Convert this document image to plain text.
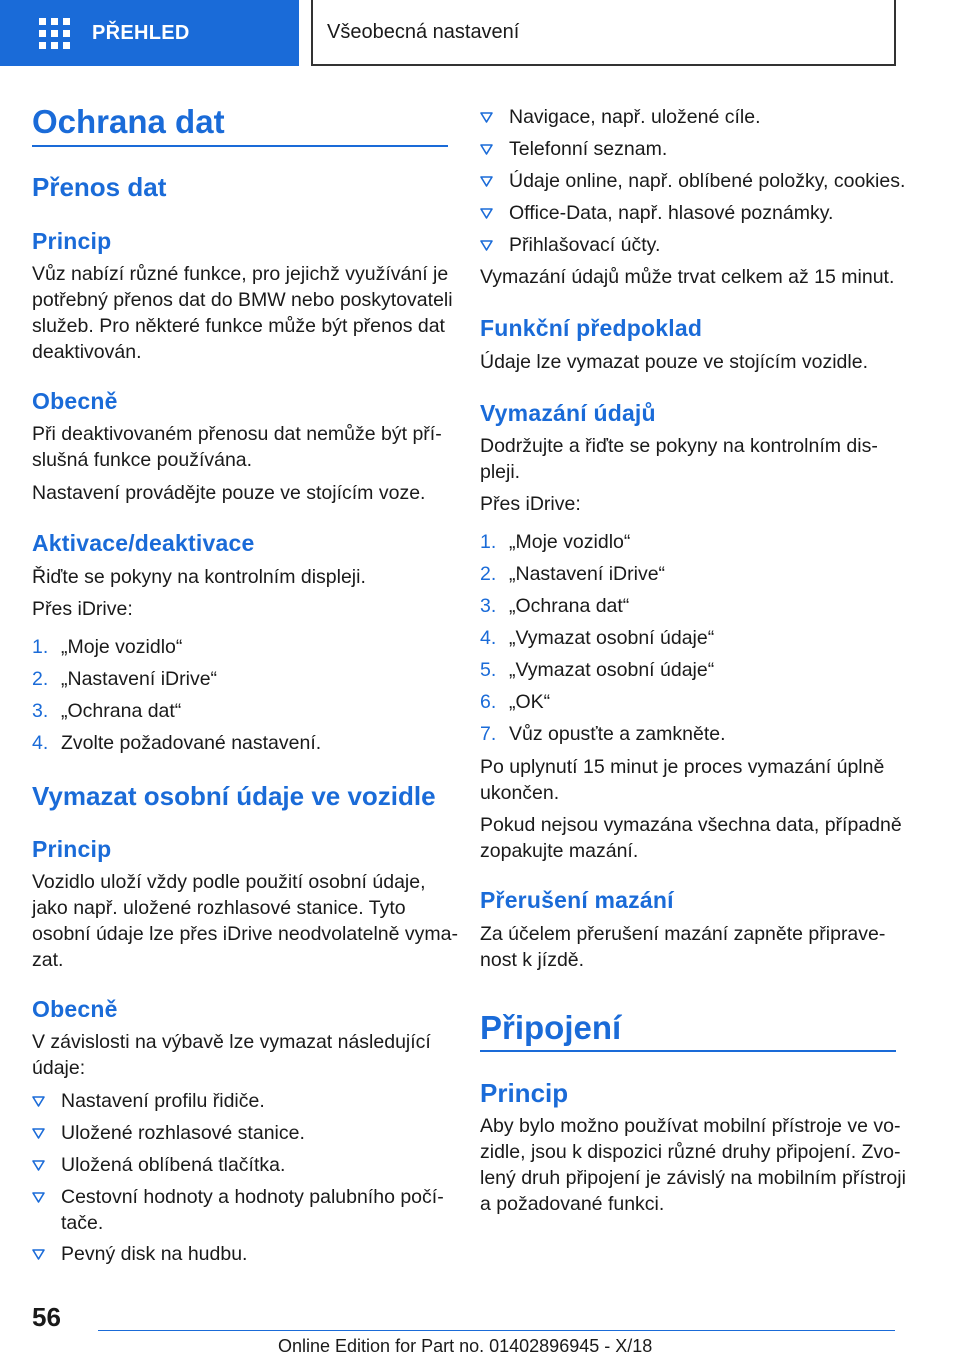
PŘEHLED	Všeobecná nastavení
Ochrana dat
Přenos dat
Princip
Vůz nabízí různé funkce, pro jejichž využívání je
potřebný přenos dat do BMW nebo poskytovateli
služeb. Pro některé funkce může být přenos dat
deaktivován.
Obecně
Při deaktivovaném přenosu dat nemůže být pří‐
slušná funkce používána.
Nastavení provádějte pouze ve stojícím voze.
Aktivace/deaktivace
Řiďte se pokyny na kontrolním displeji.
Přes iDrive:
1. „Moje vozidlo“
2. „Nastavení iDrive“
3. „Ochrana dat“
4. Zvolte požadované nastavení.
Vymazat osobní údaje ve vozidle
Princip
Vozidlo uloží vždy podle použití osobní údaje,
jako např. uložené rozhlasové stanice. Tyto
osobní údaje lze přes iDrive neodvolatelně vyma‐
zat.
Obecně
V závislosti na výbavě lze vymazat následující
údaje:
Nastavení profilu řidiče.
Uložené rozhlasové stanice.
Uložená oblíbená tlačítka.
Cestovní hodnoty a hodnoty palubního počí‐
tače.
Pevný disk na hudbu.
Navigace, např. uložené cíle.
Telefonní seznam.
Údaje online, např. oblíbené položky, cookies.
Office-Data, např. hlasové poznámky.
Přihlašovací účty.
Vymazání údajů může trvat celkem až 15 minut.
Funkční předpoklad
Údaje lze vymazat pouze ve stojícím vozidle.
Vymazání údajů
Dodržujte a řiďte se pokyny na kontrolním dis‐
pleji.
Přes iDrive:
1. „Moje vozidlo“
2. „Nastavení iDrive“
3. „Ochrana dat“
4. „Vymazat osobní údaje“
5. „Vymazat osobní údaje“
6. „OK“
7. Vůz opusťte a zamkněte.
Po uplynutí 15 minut je proces vymazání úplně
ukončen.
Pokud nejsou vymazána všechna data, případně
zopakujte mazání.
Přerušení mazání
Za účelem přerušení mazání zapněte připrave‐
nost k jízdě.
Připojení
Princip
Aby bylo možno používat mobilní přístroje ve vo‐
zidle, jsou k dispozici různé druhy připojení. Zvo‐
lený druh připojení je závislý na mobilním přístroji
a požadované funkci.
56
Online Edition for Part no. 01402896945 - X/18
